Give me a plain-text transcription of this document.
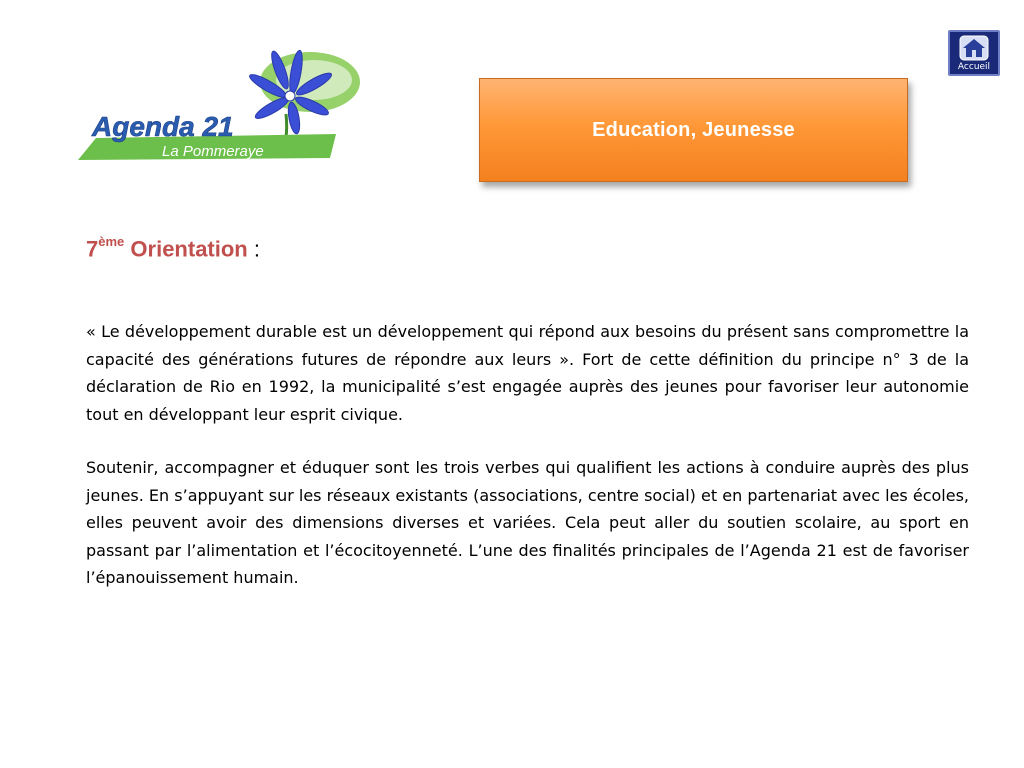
Agenda 21
La Pommeraye
Accueil
Education, Jeunesse
7ème Orientation :

« Le développement durable est un développement qui répond aux besoins du présent sans compromettre la capacité des générations futures de répondre aux leurs ». Fort de cette définition du principe n° 3 de la déclaration de Rio en 1992, la municipalité s’est engagée auprès des jeunes pour favoriser leur autonomie tout en développant leur esprit civique.

Soutenir, accompagner et éduquer sont les trois verbes qui qualifient les actions à conduire auprès des plus jeunes. En s’appuyant sur les réseaux existants (associations, centre social) et en partenariat avec les écoles, elles peuvent avoir des dimensions diverses et variées. Cela peut aller du soutien scolaire, au sport en passant par l’alimentation et l’écocitoyenneté. L’une des finalités principales de l’Agenda 21 est de favoriser l’épanouissement humain.
